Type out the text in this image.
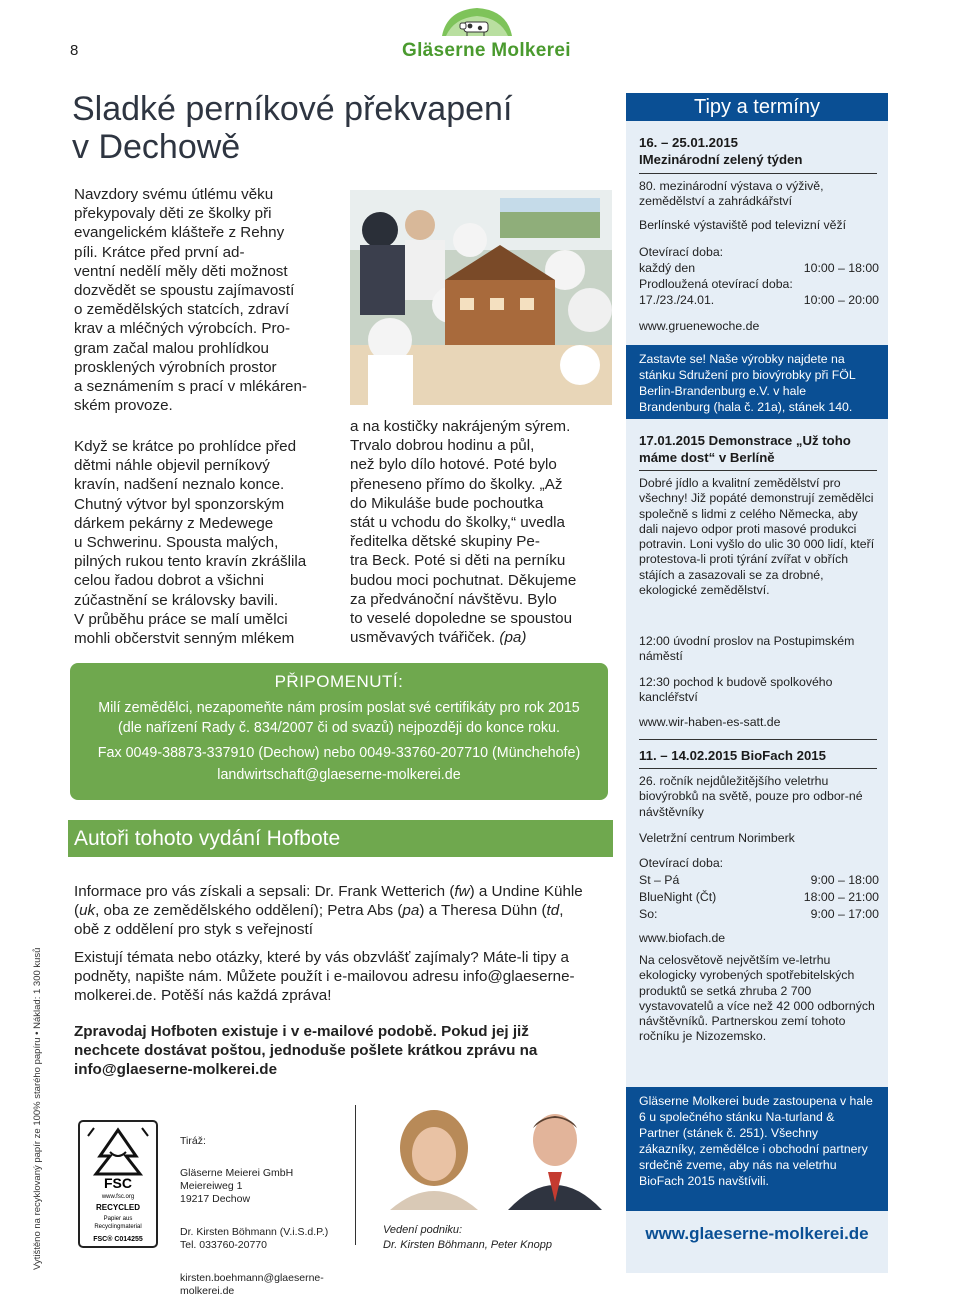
8	Gläserne Molkerei
Sladké perníkové překvapení
v Dechowě
Navzdory svému útlému věku
překypovaly děti ze školky při
evangelickém klášteře z Rehny
píli. Krátce před první ad-
ventní nedělí měly děti možnost
dozvědět se spoustu zajímavostí
o zemědělských statcích, zdraví
krav a mléčných výrobcích. Pro-
gram začal malou prohlídkou
prosklených výrobních prostor
a seznámením s prací v mlékáren-
ském provoze.
Když se krátce po prohlídce před
dětmi náhle objevil perníkový
kravín, nadšení neznalo konce.
Chutný výtvor byl sponzorským
dárkem pekárny z Medewege
u Schwerinu. Spousta malých,
pilných rukou tento kravín zkrášlila
celou řadou dobrot a všichni
zúčastnění se královsky bavili.
V průběhu práce se malí umělci
mohli občerstvit senným mlékem
a na kostičky nakrájeným sýrem.
Trvalo dobrou hodinu a půl,
než bylo dílo hotové. Poté bylo
přeneseno přímo do školky. „Až
do Mikuláše bude pochoutka
stát u vchodu do školky,“ uvedla
ředitelka dětské skupiny Pe-
tra Beck. Poté si děti na perníku
budou moci pochutnat. Děkujeme
za předvánoční návštěvu. Bylo
to veselé dopoledne se spoustou
usměvavých tvářiček. (pa)
PŘIPOMENUTÍ:
Milí zemědělci, nezapomeňte nám prosím poslat své certifikáty pro rok 2015
(dle nařízení Rady č. 834/2007 či od svazů) nejpozději do konce roku.
Fax 0049-38873-337910 (Dechow) nebo 0049-33760-207710 (Münchehofe)
landwirtschaft@glaeserne-molkerei.de
Autoři tohoto vydání Hofbote
Informace pro vás získali a sepsali: Dr. Frank Wetterich (fw) a Undine Kühle (uk, oba ze zemědělského oddělení); Petra Abs (pa) a Theresa Dühn (td, obě z oddělení pro styk s veřejností
Existují témata nebo otázky, které by vás obzvlášť zajímaly? Máte-li tipy a podněty, napište nám. Můžete použít i e-mailovou adresu info@glaeserne-molkerei.de. Potěší nás každá zpráva!
Zpravodaj Hofboten existuje i v e-mailové podobě. Pokud jej již nechcete dostávat poštou, jednoduše pošlete krátkou zprávu na info@glaeserne-molkerei.de
Vytištěno na recyklovaný papír ze 100% starého papíru • Náklad: 1 300 kusů	FSC
www.fsc.org
RECYCLED
Papier aus
Recyclingmaterial
FSC® C014255

Tiráž:

Gläserne Meierei GmbH
Meiereiweg 1
19217 Dechow

Dr. Kirsten Böhmann (V.i.S.d.P.)
Tel. 033760-20770

kirsten.boehmann@glaeserne-
molkerei.de

Vedení podniku:
Dr. Kirsten Böhmann, Peter Knopp
Tipy a termíny
16. – 25.01.2015
IMezinárodní zelený týden
80. mezinárodní výstava o výživě, zemědělství a zahrádkářství
Berlínské výstaviště pod televizní věží
Otevírací doba:
každý den	10:00 – 18:00
Prodloužená otevírací doba:
17./23./24.01.	10:00 – 20:00
www.gruenewoche.de
Zastavte se! Naše výrobky najdete na stánku Sdružení pro biovýrobky při FÖL Berlin-Brandenburg e.V. v hale Brandenburg (hala č. 21a), stánek 140.
17.01.2015 Demonstrace „Už toho máme dost“ v Berlíně
Dobré jídlo a kvalitní zemědělství pro všechny! Již popáté demonstrují zemědělci společně s lidmi z celého Německa, aby dali najevo odpor proti masové produkci potravin. Loni vyšlo do ulic 30 000 lidí, kteří protestova-li proti týrání zvířat v obřích stájích a zasazovali se za drobné, ekologické zemědělství.
12:00 úvodní proslov na Postupimském náměstí
12:30 pochod k budově spolkového kancléřství
www.wir-haben-es-satt.de
11. – 14.02.2015 BioFach 2015
26. ročník nejdůležitějšího veletrhu biovýrobků na světě, pouze pro odbor-né návštěvníky
Veletržní centrum Norimberk
Otevírací doba:
St – Pá	9:00 – 18:00
BlueNight (Čt)	18:00 – 21:00
So:	9:00 – 17:00
www.biofach.de
Na celosvětově největším ve-letrhu ekologicky vyrobených spotřebitelských produktů se setká zhruba 2 700 vystavovatelů a více než 42 000 odborných návštěvníků. Partnerskou zemí tohoto ročníku je Nizozemsko.
Gläserne Molkerei bude zastoupena v hale 6 u společného stánku Na-turland & Partner (stánek č. 251). Všechny zákazníky, zemědělce i obchodní partnery srdečně zveme, aby nás na veletrhu BioFach 2015 navštívili.
www.glaeserne-molkerei.de
